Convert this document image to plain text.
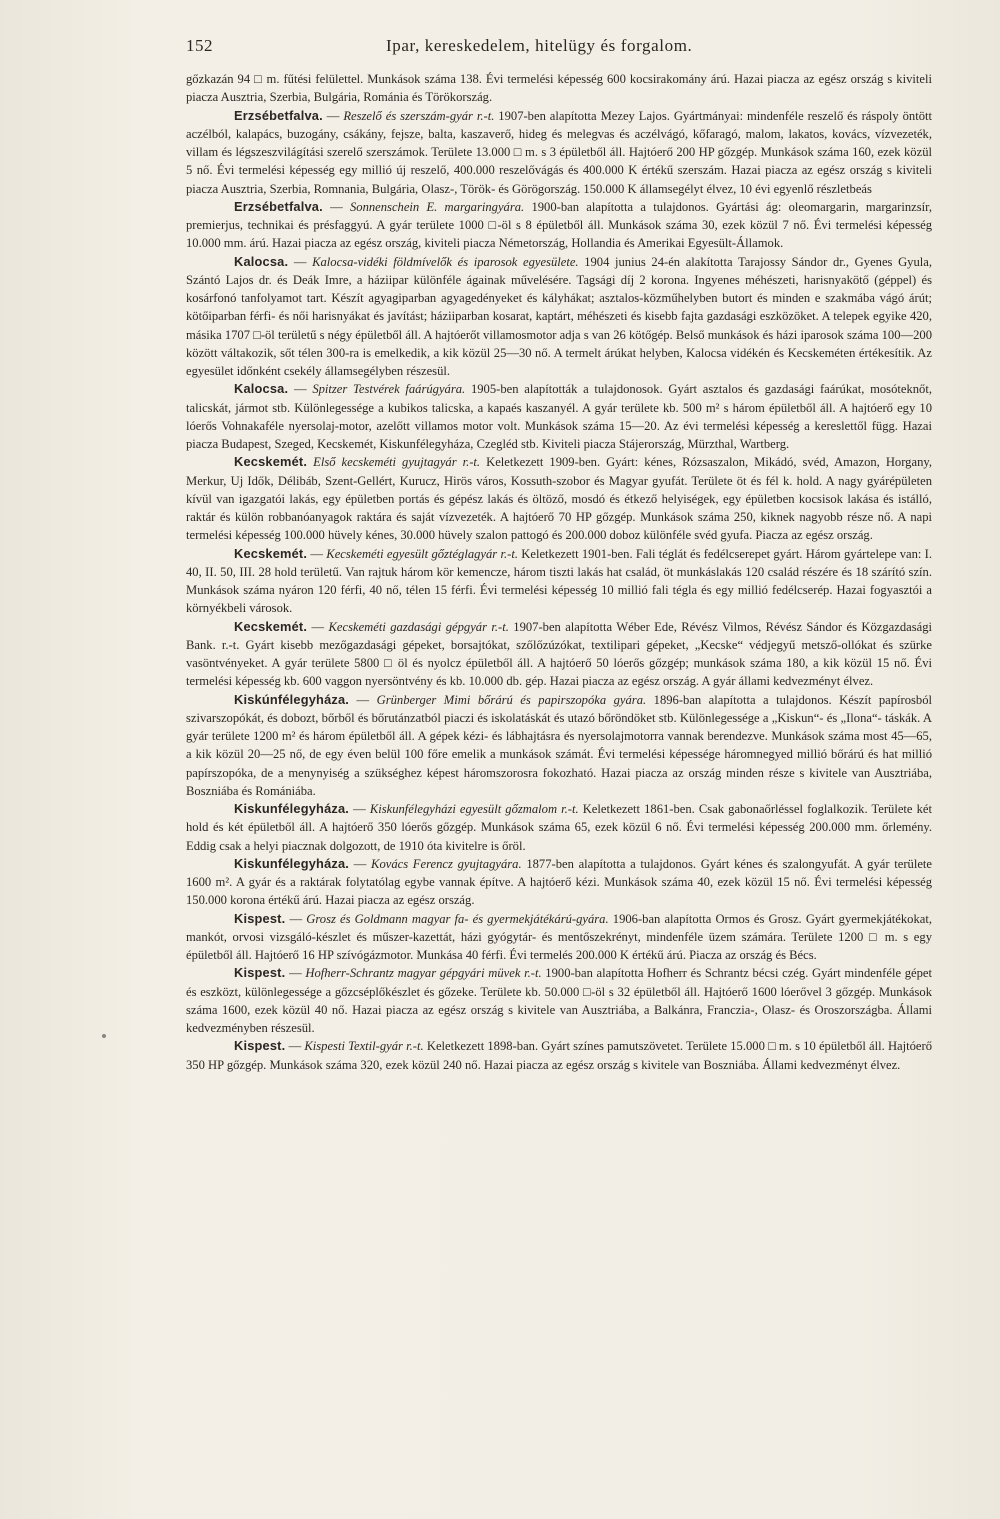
152	Ipar, kereskedelem, hitelügy és forgalom.

gőzkazán 94 □ m. fűtési felülettel. Munkások száma 138. Évi termelési képesség 600 kocsirakomány árú. Hazai piacza az egész ország s kiviteli piacza Ausztria, Szerbia, Bulgária, Románia és Törökország.

Erzsébetfalva. — Reszelő és szerszám-gyár r.-t. 1907-ben alapította Mezey Lajos. Gyártmányai: mindenféle reszelő és ráspoly öntött aczélból, kalapács, buzogány, csákány, fejsze, balta, kaszaverő, hideg és melegvas és aczélvágó, kőfaragó, malom, lakatos, kovács, vízvezeték, villam és légszeszvilágítási szerelő szerszámok. Területe 13.000 □ m. s 3 épületből áll. Hajtóerő 200 HP gőzgép. Munkások száma 160, ezek közül 5 nő. Évi termelési képesség egy millió új reszelő, 400.000 reszelővágás és 400.000 K értékű szerszám. Hazai piacza az egész ország s kiviteli piacza Ausztria, Szerbia, Romnania, Bulgária, Olasz-, Török- és Görögország. 150.000 K államsegélyt élvez, 10 évi egyenlő részletbeás

Erzsébetfalva. — Sonnenschein E. margaringyára. 1900-ban alapította a tulajdonos. Gyártási ág: oleomargarin, margarinzsír, premierjus, technikai és présfaggyú. A gyár területe 1000 □-öl s 8 épületből áll. Munkások száma 30, ezek közül 7 nő. Évi termelési képesség 10.000 mm. árú. Hazai piacza az egész ország, kiviteli piacza Németország, Hollandia és Amerikai Egyesült-Államok.

Kalocsa. — Kalocsa-vidéki földmívelők és iparosok egyesülete. 1904 junius 24-én alakította Tarajossy Sándor dr., Gyenes Gyula, Szántó Lajos dr. és Deák Imre, a háziipar különféle ágainak művelésére. Tagsági díj 2 korona. Ingyenes méhészeti, harisnyakötő (géppel) és kosárfonó tanfolyamot tart. Készít agyagiparban agyagedényeket és kályhákat; asztalos-közműhelyben butort és minden e szakmába vágó árút; kötőiparban férfi- és női harisnyákat és javítást; háziiparban kosarat, kaptárt, méhészeti és kisebb fajta gazdasági eszközöket. A telepek egyike 420, másika 1707 □-öl területű s négy épületből áll. A hajtóerőt villamosmotor adja s van 26 kötőgép. Belső munkások és házi iparosok száma 100—200 között váltakozik, sőt télen 300-ra is emelkedik, a kik közül 25—30 nő. A termelt árúkat helyben, Kalocsa vidékén és Kecskeméten értékesítik. Az egyesület időnként csekély államsegélyben részesül.

Kalocsa. — Spitzer Testvérek faárúgyára. 1905-ben alapították a tulajdonosok. Gyárt asztalos és gazdasági faárúkat, mosóteknőt, talicskát, jármot stb. Különlegessége a kubikos talicska, a kapaés kaszanyél. A gyár területe kb. 500 m² s három épületből áll. A hajtóerő egy 10 lóerős Vohnakaféle nyersolaj-motor, azelőtt villamos motor volt. Munkások száma 15—20. Az évi termelési képesség a kereslettől függ. Hazai piacza Budapest, Szeged, Kecskemét, Kiskunfélegyháza, Czegléd stb. Kiviteli piacza Stájerország, Mürzthal, Wartberg.

Kecskemét. Első kecskeméti gyujtagyár r.-t. Keletkezett 1909-ben. Gyárt: kénes, Rózsaszalon, Mikádó, svéd, Amazon, Horgany, Merkur, Uj Idők, Délibáb, Szent-Gellért, Kurucz, Hirös város, Kossuth-szobor és Magyar gyufát. Területe öt és fél k. hold. A nagy gyárépületen kívül van igazgatói lakás, egy épületben portás és gépész lakás és öltöző, mosdó és étkező helyiségek, egy épületben kocsisok lakása és istálló, raktár és külön robbanóanyagok raktára és saját vízvezeték. A hajtóerő 70 HP gőzgép. Munkások száma 250, kiknek nagyobb része nő. A napi termelési képesség 100.000 hüvely kénes, 30.000 hüvely szalon pattogó és 200.000 doboz különféle svéd gyufa. Piacza az egész ország.

Kecskemét. — Kecskeméti egyesült gőztéglagyár r.-t. Keletkezett 1901-ben. Fali téglát és fedélcserepet gyárt. Három gyártelepe van: I. 40, II. 50, III. 28 hold területű. Van rajtuk három kör kemencze, három tiszti lakás hat család, öt munkáslakás 120 család részére és 18 szárító szín. Munkások száma nyáron 120 férfi, 40 nő, télen 15 férfi. Évi termelési képesség 10 millió fali tégla és egy millió fedélcserép. Hazai fogyasztói a környékbeli városok.

Kecskemét. — Kecskeméti gazdasági gépgyár r.-t. 1907-ben alapította Wéber Ede, Révész Vilmos, Révész Sándor és Közgazdasági Bank. r.-t. Gyárt kisebb mezőgazdasági gépeket, borsajtókat, szőlőzúzókat, textilipari gépeket, „Kecske“ védjegyű metsző-ollókat és szürke vasöntvényeket. A gyár területe 5800 □ öl és nyolcz épületből áll. A hajtóerő 50 lóerős gőzgép; munkások száma 180, a kik közül 15 nő. Évi termelési képesség kb. 600 vaggon nyersöntvény és kb. 10.000 db. gép. Hazai piacza az egész ország. A gyár állami kedvezményt élvez.

Kiskúnfélegyháza. — Grünberger Mimi bőrárú és papirszopóka gyára. 1896-ban alapította a tulajdonos. Készít papírosból szivarszopókát, és dobozt, bőrből és bőrutánzatból piaczi és iskolatáskát és utazó bőröndöket stb. Különlegessége a „Kiskun“- és „Ilona“- táskák. A gyár területe 1200 m² és három épületből áll. A gépek kézi- és lábhajtásra és nyersolajmotorra vannak berendezve. Munkások száma most 45—65, a kik közül 20—25 nő, de egy éven belül 100 főre emelik a munkások számát. Évi termelési képessége háromnegyed millió bőrárú és hat millió papírszopóka, de a menynyiség a szükséghez képest háromszorosra fokozható. Hazai piacza az ország minden része s kivitele van Ausztriába, Boszniába és Romániába.

Kiskunfélegyháza. — Kiskunfélegyházi egyesült gőzmalom r.-t. Keletkezett 1861-ben. Csak gabonaőrléssel foglalkozik. Területe két hold és két épületből áll. A hajtóerő 350 lóerős gőzgép. Munkások száma 65, ezek közül 6 nő. Évi termelési képesség 200.000 mm. őrlemény. Eddig csak a helyi piacznak dolgozott, de 1910 óta kivitelre is őröl.

Kiskunfélegyháza. — Kovács Ferencz gyujtagyára. 1877-ben alapította a tulajdonos. Gyárt kénes és szalongyufát. A gyár területe 1600 m². A gyár és a raktárak folytatólag egybe vannak építve. A hajtóerő kézi. Munkások száma 40, ezek közül 15 nő. Évi termelési képesség 150.000 korona értékű árú. Hazai piacza az egész ország.

Kispest. — Grosz és Goldmann magyar fa- és gyermekjátékárú-gyára. 1906-ban alapította Ormos és Grosz. Gyárt gyermekjátékokat, mankót, orvosi vizsgáló-készlet és műszer-kazettát, házi gyógytár- és mentőszekrényt, mindenféle üzem számára. Területe 1200 □ m. s egy épületből áll. Hajtóerő 16 HP szívógázmotor. Munkása 40 férfi. Évi termelés 200.000 K értékű árú. Piacza az ország és Bécs.

Kispest. — Hofherr-Schrantz magyar gépgyári müvek r.-t. 1900-ban alapította Hofherr és Schrantz bécsi czég. Gyárt mindenféle gépet és eszközt, különlegessége a gőzcséplőkészlet és gőzeke. Területe kb. 50.000 □-öl s 32 épületből áll. Hajtóerő 1600 lóerővel 3 gőzgép. Munkások száma 1600, ezek közül 40 nő. Hazai piacza az egész ország s kivitele van Ausztriába, a Balkánra, Franczia-, Olasz- és Oroszországba. Állami kedvezményben részesül.

Kispest. — Kispesti Textil-gyár r.-t. Keletkezett 1898-ban. Gyárt színes pamutszövetet. Területe 15.000 □ m. s 10 épületből áll. Hajtóerő 350 HP gőzgép. Munkások száma 320, ezek közül 240 nő. Hazai piacza az egész ország s kivitele van Boszniába. Állami kedvezményt élvez.
